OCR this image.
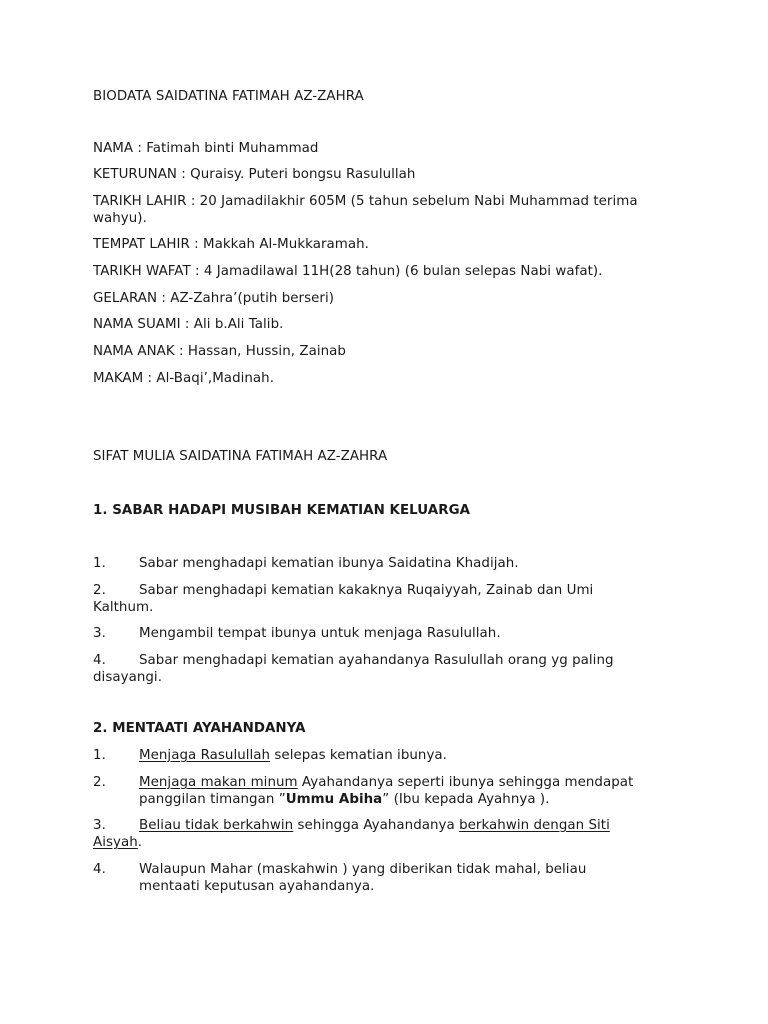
BIODATA SAIDATINA FATIMAH AZ-ZAHRA
NAMA : Fatimah binti Muhammad
KETURUNAN : Quraisy. Puteri bongsu Rasulullah
TARIKH LAHIR : 20 Jamadilakhir 605M (5 tahun sebelum Nabi Muhammad terima
wahyu).
TEMPAT LAHIR : Makkah Al-Mukkaramah.
TARIKH WAFAT : 4 Jamadilawal 11H(28 tahun) (6 bulan selepas Nabi wafat).
GELARAN : AZ-Zahra’(putih berseri)
NAMA SUAMI : Ali b.Ali Talib.
NAMA ANAK : Hassan, Hussin, Zainab
MAKAM : Al-Baqi’,Madinah.
SIFAT MULIA SAIDATINA FATIMAH AZ-ZAHRA
1. SABAR HADAPI MUSIBAH KEMATIAN KELUARGA
1. Sabar menghadapi kematian ibunya Saidatina Khadijah.
2. Sabar menghadapi kematian kakaknya Ruqaiyyah, Zainab dan Umi
Kalthum.
3. Mengambil tempat ibunya untuk menjaga Rasulullah.
4. Sabar menghadapi kematian ayahandanya Rasulullah orang yg paling
disayangi.
2. MENTAATI AYAHANDANYA
1. Menjaga Rasulullah selepas kematian ibunya.
2. Menjaga makan minum Ayahandanya seperti ibunya sehingga mendapat
panggilan timangan ”Ummu Abiha” (Ibu kepada Ayahnya ).
3. Beliau tidak berkahwin sehingga Ayahandanya berkahwin dengan Siti
Aisyah.
4. Walaupun Mahar (maskahwin ) yang diberikan tidak mahal, beliau
mentaati keputusan ayahandanya.
